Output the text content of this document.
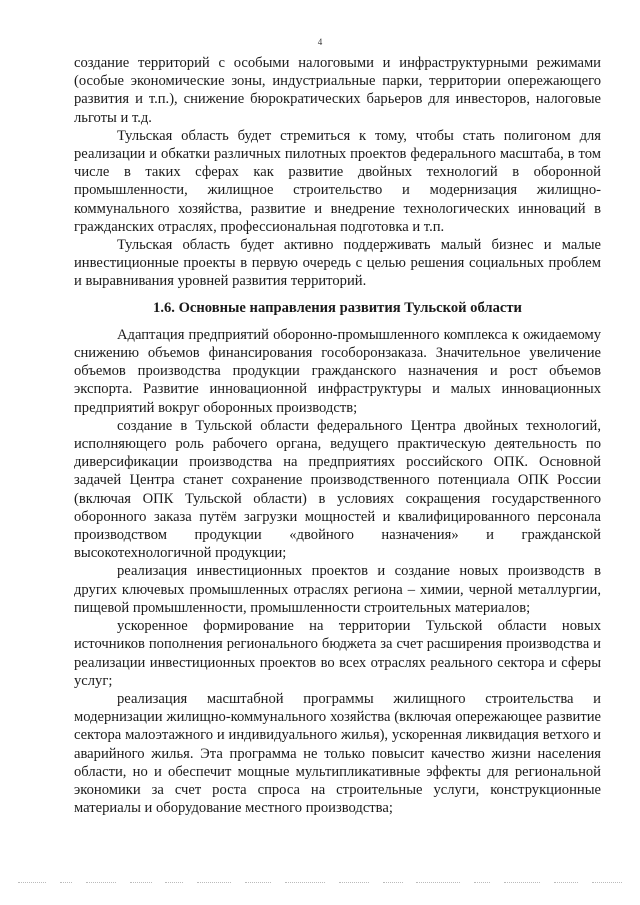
4

создание территорий с особыми налоговыми и инфраструктурными режимами (особые экономические зоны, индустриальные парки, территории опережающего развития и т.п.), снижение бюрократических барьеров для инвесторов, налоговые льготы и т.д.

Тульская область будет стремиться к тому, чтобы стать полигоном для реализации и обкатки различных пилотных проектов федерального масштаба, в том числе в таких сферах как развитие двойных технологий в оборонной промышленности, жилищное строительство и модернизация жилищно-коммунального хозяйства, развитие и внедрение технологических инноваций в гражданских отраслях, профессиональная подготовка и т.п.

Тульская область будет активно поддерживать малый бизнес и малые инвестиционные проекты в первую очередь с целью решения социальных проблем и выравнивания уровней развития территорий.

1.6. Основные направления развития Тульской области

Адаптация предприятий оборонно-промышленного комплекса к ожидаемому снижению объемов финансирования гособоронзаказа. Значительное увеличение объемов производства продукции гражданского назначения и рост объемов экспорта. Развитие инновационной инфраструктуры и малых инновационных предприятий вокруг оборонных производств;

создание в Тульской области федерального Центра двойных технологий, исполняющего роль рабочего органа, ведущего практическую деятельность по диверсификации производства на предприятиях российского ОПК. Основной задачей Центра станет сохранение производственного потенциала ОПК России (включая ОПК Тульской области) в условиях сокращения государственного оборонного заказа путём загрузки мощностей и квалифицированного персонала производством продукции «двойного назначения» и гражданской высокотехнологичной продукции;

реализация инвестиционных проектов и создание новых производств в других ключевых промышленных отраслях региона – химии, черной металлургии, пищевой промышленности, промышленности строительных материалов;

ускоренное формирование на территории Тульской области новых источников пополнения регионального бюджета за счет расширения производства и реализации инвестиционных проектов во всех отраслях реального сектора и сферы услуг;

реализация масштабной программы жилищного строительства и модернизации жилищно-коммунального хозяйства (включая опережающее развитие сектора малоэтажного и индивидуального жилья), ускоренная ликвидация ветхого и аварийного жилья. Эта программа не только повысит качество жизни населения области, но и обеспечит мощные мультипликативные эффекты для региональной экономики за счет роста спроса на строительные услуги, конструкционные материалы и оборудование местного производства;
